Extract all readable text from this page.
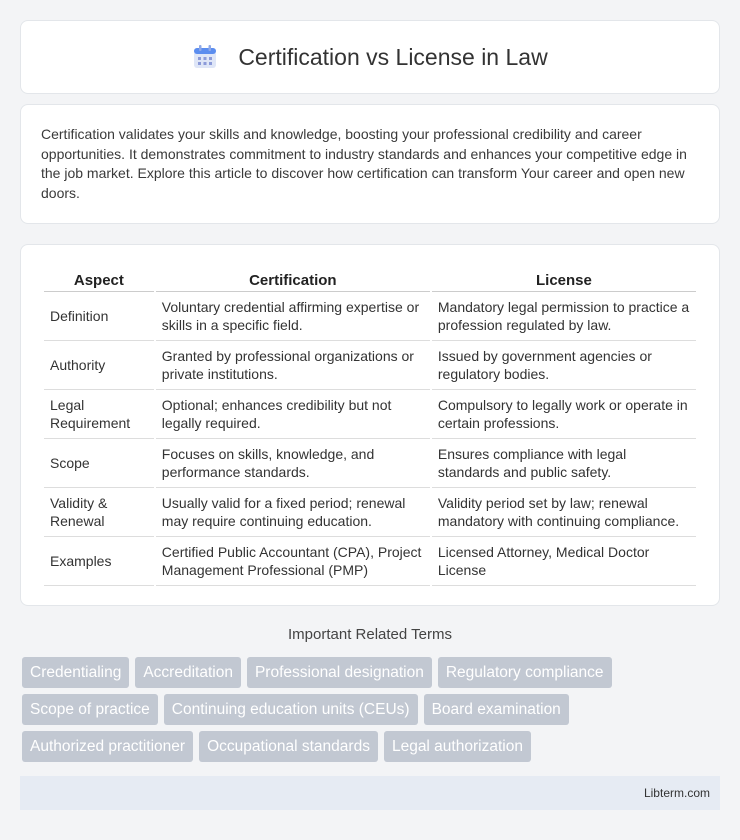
Certification vs License in Law

Certification validates your skills and knowledge, boosting your professional credibility and career opportunities. It demonstrates commitment to industry standards and enhances your competitive edge in the job market. Explore this article to discover how certification can transform Your career and open new doors.

Aspect	Certification	License
Definition	Voluntary credential affirming expertise or skills in a specific field.	Mandatory legal permission to practice a profession regulated by law.
Authority	Granted by professional organizations or private institutions.	Issued by government agencies or regulatory bodies.
Legal Requirement	Optional; enhances credibility but not legally required.	Compulsory to legally work or operate in certain professions.
Scope	Focuses on skills, knowledge, and performance standards.	Ensures compliance with legal standards and public safety.
Validity & Renewal	Usually valid for a fixed period; renewal may require continuing education.	Validity period set by law; renewal mandatory with continuing compliance.
Examples	Certified Public Accountant (CPA), Project Management Professional (PMP)	Licensed Attorney, Medical Doctor License
Important Related Terms
Credentialing	Accreditation	Professional designation	Regulatory compliance
Scope of practice	Continuing education units (CEUs)	Board examination
Authorized practitioner	Occupational standards	Legal authorization
Libterm.com
